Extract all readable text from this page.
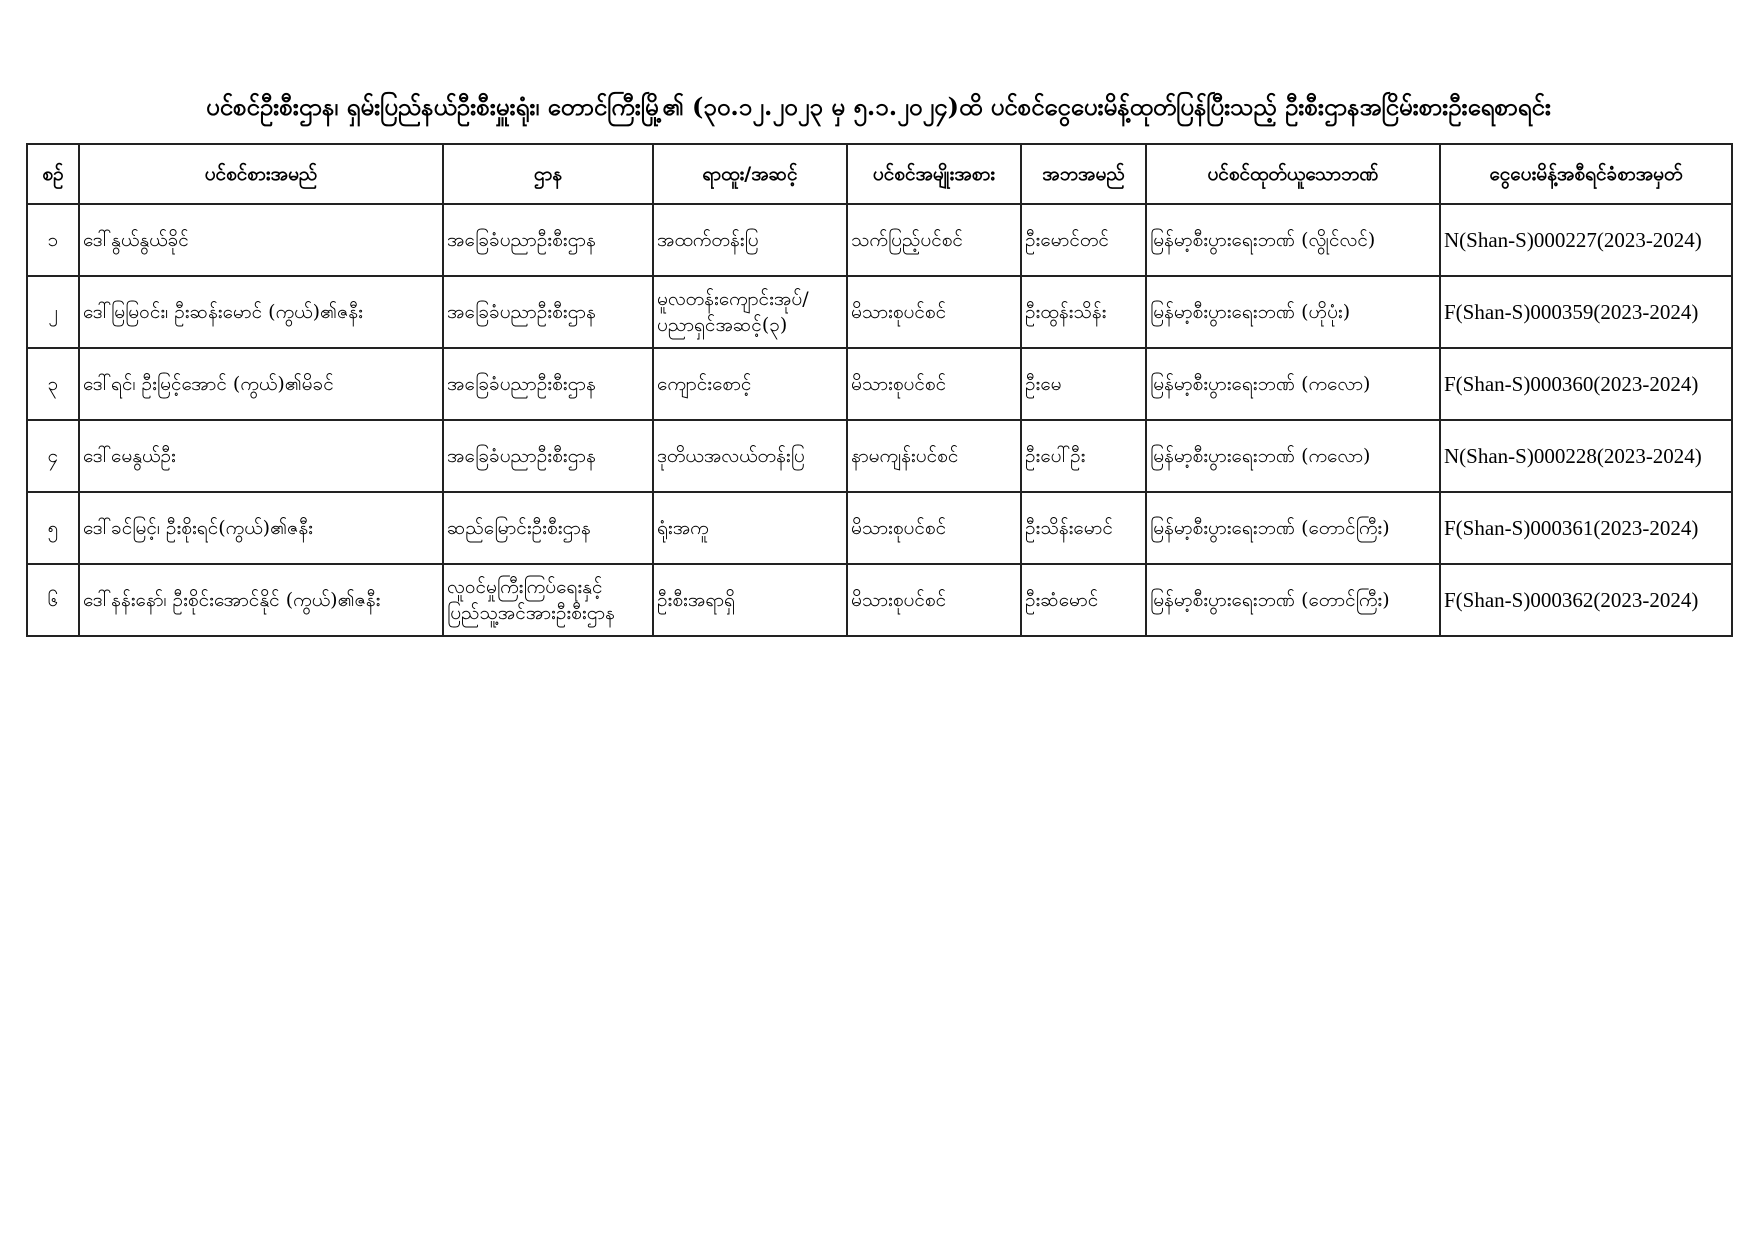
ပင်စင်ဦးစီးဌာန၊ ရှမ်းပြည်နယ်ဦးစီးမှူးရုံး၊ တောင်ကြီးမြို့၏ (၃၀.၁၂.၂၀၂၃ မှ ၅.၁.၂၀၂၄)ထိ ပင်စင်ငွေပေးမိန့်ထုတ်ပြန်ပြီးသည့် ဦးစီးဌာနအငြိမ်းစားဦးရေစာရင်း
စဉ်	ပင်စင်စားအမည်	ဌာန	ရာထူး/အဆင့်	ပင်စင်အမျိုးအစား	အဘအမည်	ပင်စင်ထုတ်ယူသောဘဏ်	ငွေပေးမိန့်အစီရင်ခံစာအမှတ်
၁	ဒေါ်နွယ်နွယ်ခိုင်	အခြေခံပညာဦးစီးဌာန	အထက်တန်းပြ	သက်ပြည့်ပင်စင်	ဦးမောင်တင်	မြန်မာ့စီးပွားရေးဘဏ် (လွိုင်လင်)	N(Shan-S)000227(2023-2024)
၂	ဒေါ်မြမြဝင်း၊ ဦးဆန်းမောင် (ကွယ်)၏ဇနီး	အခြေခံပညာဦးစီးဌာန	မူလတန်းကျောင်းအုပ်/
ပညာရှင်အဆင့်(၃)	မိသားစုပင်စင်	ဦးထွန်းသိန်း	မြန်မာ့စီးပွားရေးဘဏ် (ဟိုပုံး)	F(Shan-S)000359(2023-2024)
၃	ဒေါ်ရင်၊ ဦးမြင့်အောင် (ကွယ်)၏မိခင်	အခြေခံပညာဦးစီးဌာန	ကျောင်းစောင့်	မိသားစုပင်စင်	ဦးမေ	မြန်မာ့စီးပွားရေးဘဏ် (ကလော)	F(Shan-S)000360(2023-2024)
၄	ဒေါ်မေနွယ်ဦး	အခြေခံပညာဦးစီးဌာန	ဒုတိယအလယ်တန်းပြ	နာမကျန်းပင်စင်	ဦးပေါ်ဦး	မြန်မာ့စီးပွားရေးဘဏ် (ကလော)	N(Shan-S)000228(2023-2024)
၅	ဒေါ်ခင်မြင့်၊ ဦးစိုးရင်(ကွယ်)၏ဇနီး	ဆည်မြောင်းဦးစီးဌာန	ရုံးအကူ	မိသားစုပင်စင်	ဦးသိန်းမောင်	မြန်မာ့စီးပွားရေးဘဏ် (တောင်ကြီး)	F(Shan-S)000361(2023-2024)
၆	ဒေါ်နန်းနော်၊ ဦးစိုင်းအောင်နိုင် (ကွယ်)၏ဇနီး	လူဝင်မှုကြီးကြပ်ရေးနှင့်
ပြည်သူ့အင်အားဦးစီးဌာန	ဦးစီးအရာရှိ	မိသားစုပင်စင်	ဦးဆံမောင်	မြန်မာ့စီးပွားရေးဘဏ် (တောင်ကြီး)	F(Shan-S)000362(2023-2024)
